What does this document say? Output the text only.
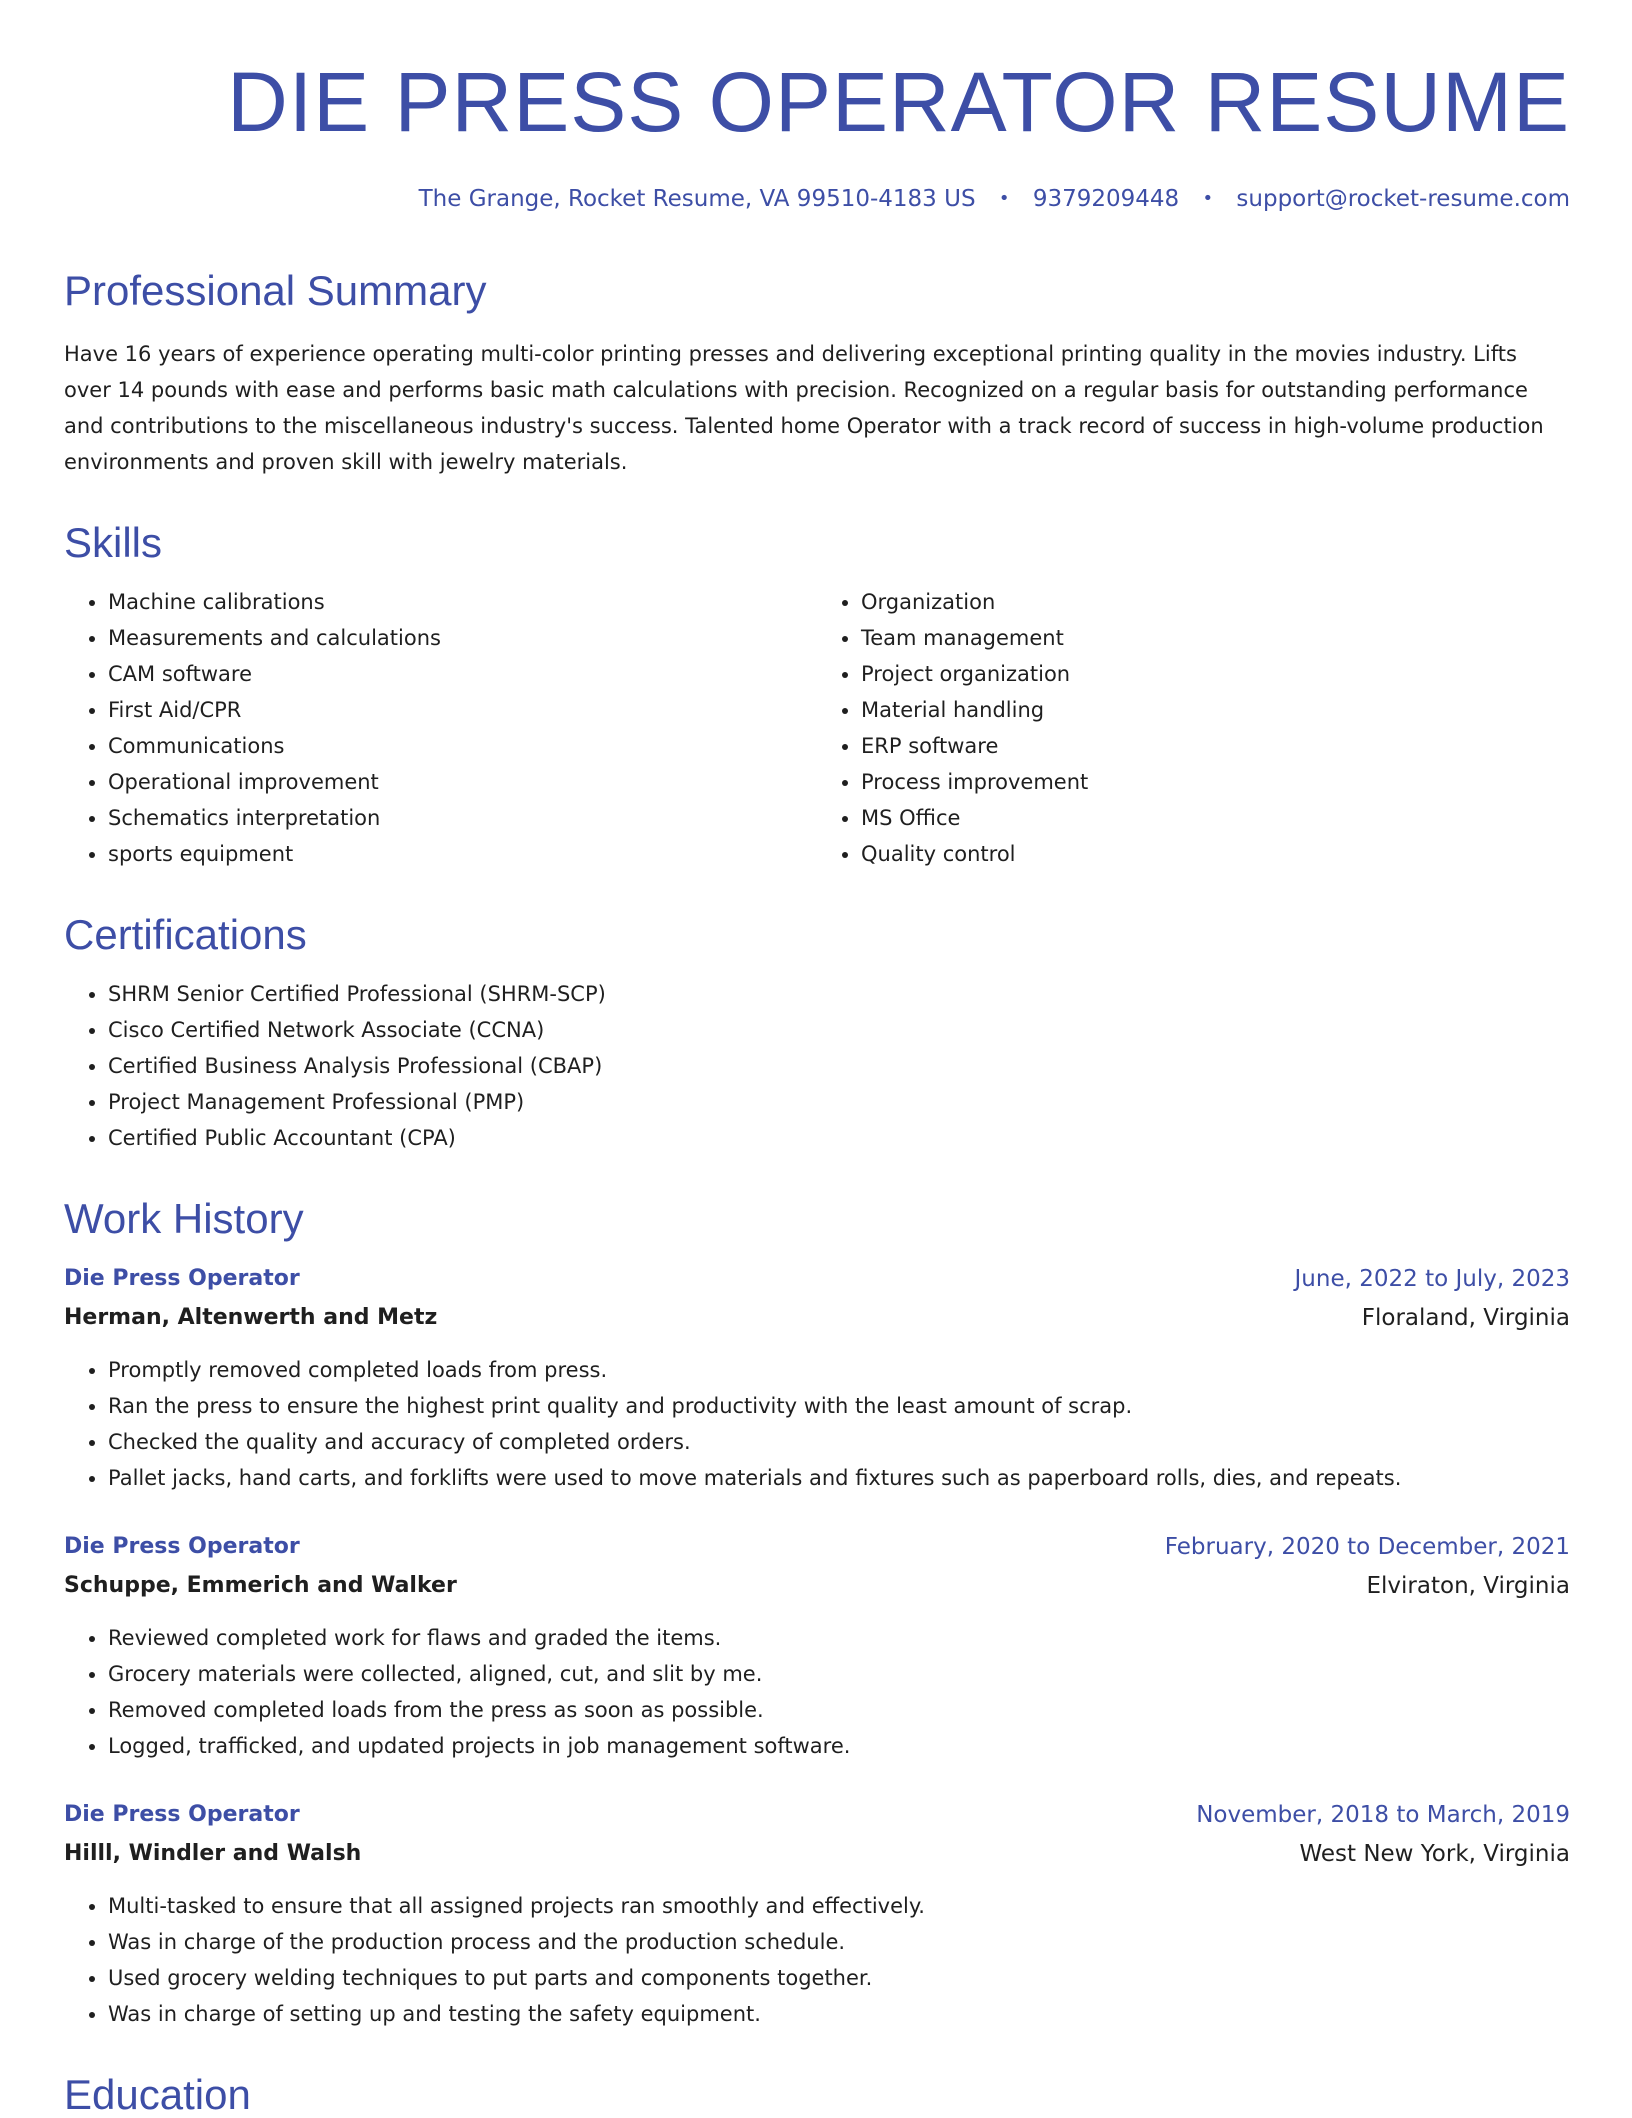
DIE PRESS OPERATOR RESUME
The Grange, Rocket Resume, VA 99510-4183 US • 9379209448 • support@rocket-resume.com
Professional Summary
Have 16 years of experience operating multi-color printing presses and delivering exceptional printing quality in the movies industry. Lifts over 14 pounds with ease and performs basic math calculations with precision. Recognized on a regular basis for outstanding performance and contributions to the miscellaneous industry's success. Talented home Operator with a track record of success in high-volume production environments and proven skill with jewelry materials.
Skills
• Machine calibrations
• Measurements and calculations
• CAM software
• First Aid/CPR
• Communications
• Operational improvement
• Schematics interpretation
• sports equipment
• Organization
• Team management
• Project organization
• Material handling
• ERP software
• Process improvement
• MS Office
• Quality control
Certifications
• SHRM Senior Certified Professional (SHRM-SCP)
• Cisco Certified Network Associate (CCNA)
• Certified Business Analysis Professional (CBAP)
• Project Management Professional (PMP)
• Certified Public Accountant (CPA)
Work History
Die Press Operator	June, 2022 to July, 2023
Herman, Altenwerth and Metz	Floraland, Virginia
• Promptly removed completed loads from press.
• Ran the press to ensure the highest print quality and productivity with the least amount of scrap.
• Checked the quality and accuracy of completed orders.
• Pallet jacks, hand carts, and forklifts were used to move materials and fixtures such as paperboard rolls, dies, and repeats.
Die Press Operator	February, 2020 to December, 2021
Schuppe, Emmerich and Walker	Elviraton, Virginia
• Reviewed completed work for flaws and graded the items.
• Grocery materials were collected, aligned, cut, and slit by me.
• Removed completed loads from the press as soon as possible.
• Logged, trafficked, and updated projects in job management software.
Die Press Operator	November, 2018 to March, 2019
Hilll, Windler and Walsh	West New York, Virginia
• Multi-tasked to ensure that all assigned projects ran smoothly and effectively.
• Was in charge of the production process and the production schedule.
• Used grocery welding techniques to put parts and components together.
• Was in charge of setting up and testing the safety equipment.
Education
